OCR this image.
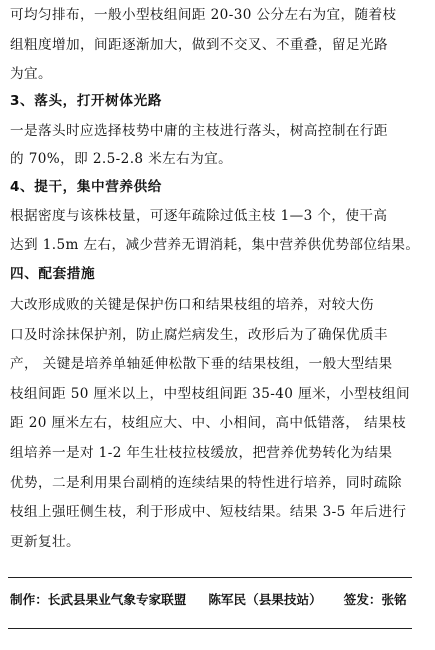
可均匀排布，一般小型枝组间距 20-30 公分左右为宜，随着枝
组粗度增加，间距逐渐加大，做到不交叉、不重叠，留足光路
为宜。
3、落头，打开树体光路
一是落头时应选择枝势中庸的主枝进行落头，树高控制在行距
的 70%，即 2.5-2.8 米左右为宜。
4、提干，集中营养供给
根据密度与该株枝量，可逐年疏除过低主枝 1—3 个，使干高
达到 1.5m 左右，减少营养无谓消耗，集中营养供优势部位结果。
四、配套措施
大改形成败的关键是保护伤口和结果枝组的培养，对较大伤
口及时涂抹保护剂，防止腐烂病发生，改形后为了确保优质丰
产， 关键是培养单轴延伸松散下垂的结果枝组，一般大型结果
枝组间距 50 厘米以上，中型枝组间距 35-40 厘米，小型枝组间
距 20 厘米左右，枝组应大、中、小相间，高中低错落， 结果枝
组培养一是对 1-2 年生壮枝拉枝缓放，把营养优势转化为结果
优势，二是利用果台副梢的连续结果的特性进行培养，同时疏除
枝组上强旺侧生枝，利于形成中、短枝结果。结果 3-5 年后进行
更新复壮。
制作：长武县果业气象专家联盟 陈军民（县果技站） 签发：张铭
